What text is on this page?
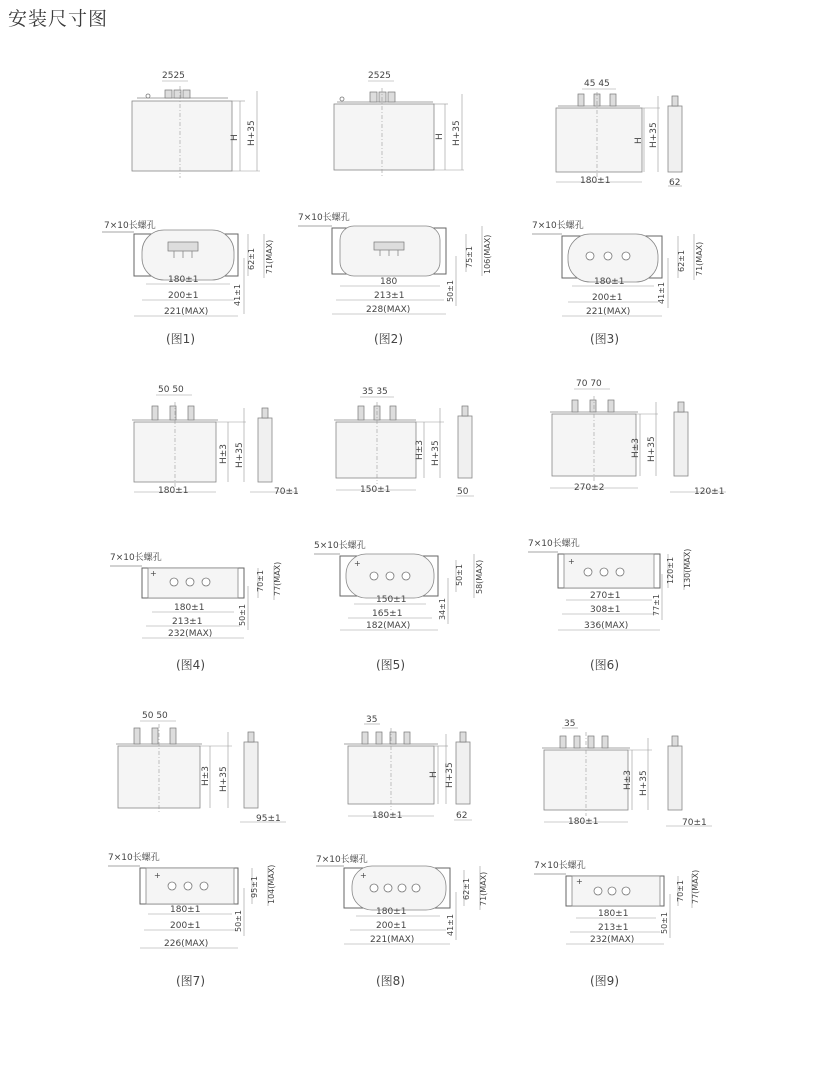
安装尺寸图
2525
H H+35
7×10长螺孔
180±1
200±1
221(MAX)
62±1 71(MAX)
41±1
(图1)
2525
H H+35
7×10长螺孔
180
213±1
228(MAX)
75±1 106(MAX)
50±1
(图2)
45 45
180±1
H H+35
62
7×10长螺孔
180±1
200±1
221(MAX)
62±1 71(MAX)
41±1
(图3)
50 50
180±1
H±3 H+35
70±1
7×10长螺孔
+
180±1
213±1
232(MAX)
70±1 77(MAX)
50±1
(图4)
35 35
150±1
H±3 H+35
50
5×10长螺孔
+
150±1
165±1
182(MAX)
50±1 58(MAX)
34±1
(图5)
70 70
270±2
H±3 H+35
120±1
7×10长螺孔
+
270±1
308±1
336(MAX)
120±1 130(MAX)
77±1
(图6)
50 50
H±3 H+35
95±1
7×10长螺孔
+
180±1
200±1
226(MAX)
95±1 104(MAX)
50±1
(图7)
35
180±1
H H+35
62
7×10长螺孔
+
180±1
200±1
221(MAX)
62±1 71(MAX)
41±1
(图8)
35
180±1
H±3 H+35
70±1
7×10长螺孔
+
180±1
213±1
232(MAX)
70±1 77(MAX)
50±1
(图9)
